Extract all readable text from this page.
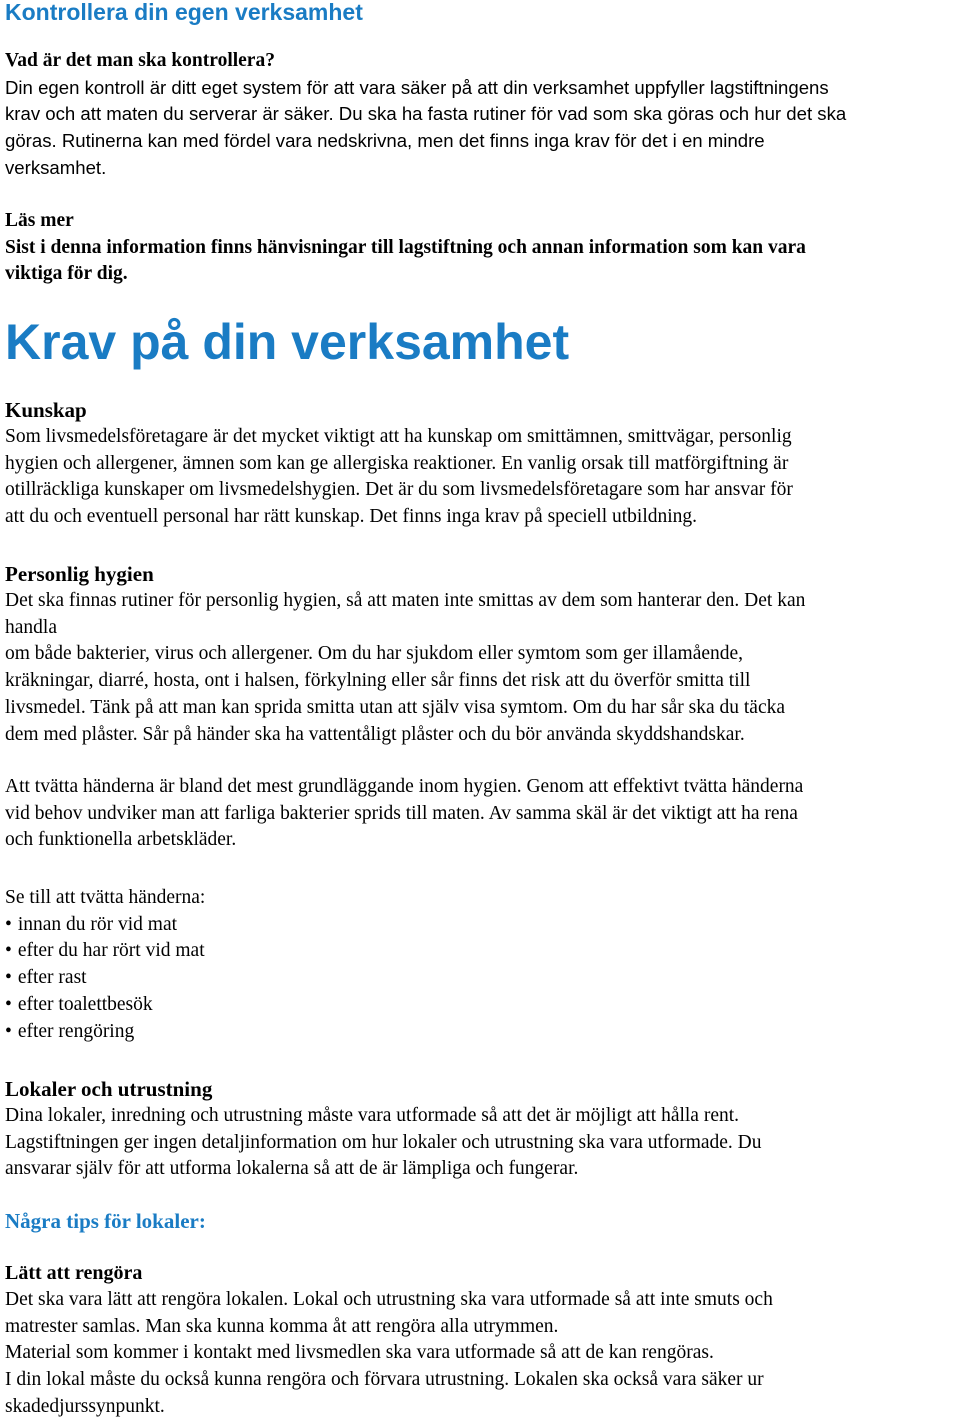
Kontrollera din egen verksamhet
Vad är det man ska kontrollera?
Din egen kontroll är ditt eget system för att vara säker på att din verksamhet uppfyller lagstiftningens
krav och att maten du serverar är säker. Du ska ha fasta rutiner för vad som ska göras och hur det ska
göras. Rutinerna kan med fördel vara nedskrivna, men det finns inga krav för det i en mindre
verksamhet.
Läs mer
Sist i denna information finns hänvisningar till lagstiftning och annan information som kan vara
viktiga för dig.
Krav på din verksamhet
Kunskap
Som livsmedelsföretagare är det mycket viktigt att ha kunskap om smittämnen, smittvägar, personlig
hygien och allergener, ämnen som kan ge allergiska reaktioner. En vanlig orsak till matförgiftning är
otillräckliga kunskaper om livsmedelshygien. Det är du som livsmedelsföretagare som har ansvar för
att du och eventuell personal har rätt kunskap. Det finns inga krav på speciell utbildning.
Personlig hygien
Det ska finnas rutiner för personlig hygien, så att maten inte smittas av dem som hanterar den. Det kan
handla
om både bakterier, virus och allergener. Om du har sjukdom eller symtom som ger illamående,
kräkningar, diarré, hosta, ont i halsen, förkylning eller sår finns det risk att du överför smitta till
livsmedel. Tänk på att man kan sprida smitta utan att själv visa symtom. Om du har sår ska du täcka
dem med plåster. Sår på händer ska ha vattentåligt plåster och du bör använda skyddshandskar.
Att tvätta händerna är bland det mest grundläggande inom hygien. Genom att effektivt tvätta händerna
vid behov undviker man att farliga bakterier sprids till maten. Av samma skäl är det viktigt att ha rena
och funktionella arbetskläder.
Se till att tvätta händerna:
• innan du rör vid mat
• efter du har rört vid mat
• efter rast
• efter toalettbesök
• efter rengöring
Lokaler och utrustning
Dina lokaler, inredning och utrustning måste vara utformade så att det är möjligt att hålla rent.
Lagstiftningen ger ingen detaljinformation om hur lokaler och utrustning ska vara utformade. Du
ansvarar själv för att utforma lokalerna så att de är lämpliga och fungerar.
Några tips för lokaler:
Lätt att rengöra
Det ska vara lätt att rengöra lokalen. Lokal och utrustning ska vara utformade så att inte smuts och
matrester samlas. Man ska kunna komma åt att rengöra alla utrymmen.
Material som kommer i kontakt med livsmedlen ska vara utformade så att de kan rengöras.
I din lokal måste du också kunna rengöra och förvara utrustning. Lokalen ska också vara säker ur
skadedjurssynpunkt.
